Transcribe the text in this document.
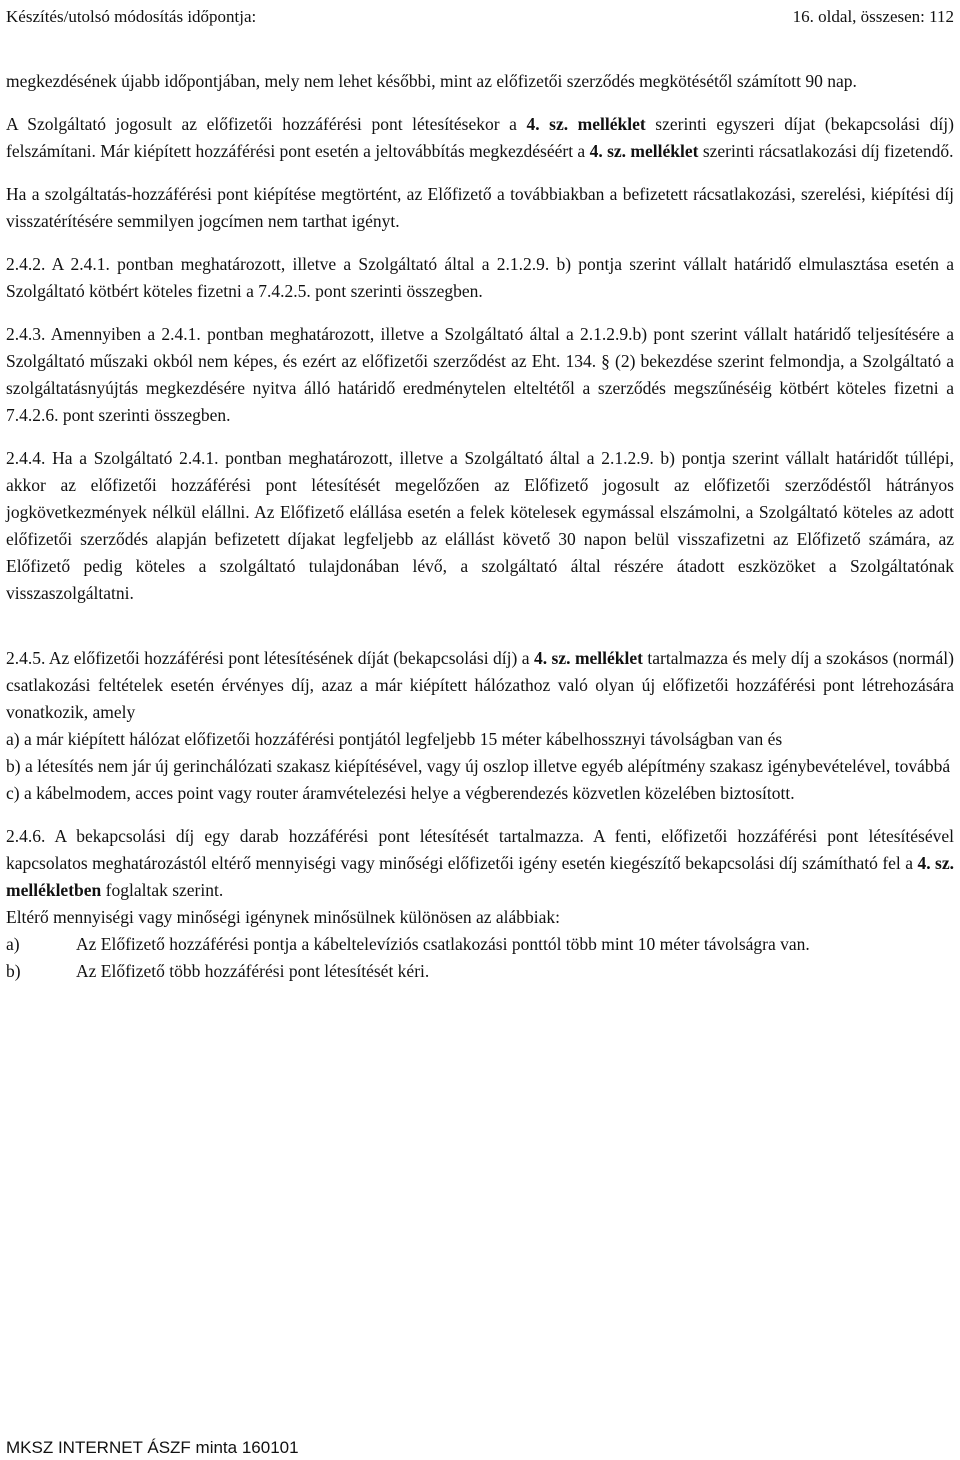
Készítés/utolsó módosítás időpontja:	16. oldal, összesen: 112

megkezdésének újabb időpontjában, mely nem lehet későbbi, mint az előfizetői szerződés megkötésétől számított 90 nap.

A Szolgáltató jogosult az előfizetői hozzáférési pont létesítésekor a 4. sz. melléklet szerinti egyszeri díjat (bekapcsolási díj) felszámítani. Már kiépített hozzáférési pont esetén a jeltovábbítás megkezdéséért a 4. sz. melléklet szerinti rácsatlakozási díj fizetendő.

Ha a szolgáltatás-hozzáférési pont kiépítése megtörtént, az Előfizető a továbbiakban a befizetett rácsatlakozási, szerelési, kiépítési díj visszatérítésére semmilyen jogcímen nem tarthat igényt.

2.4.2. A 2.4.1. pontban meghatározott, illetve a Szolgáltató által a 2.1.2.9. b) pontja szerint vállalt határidő elmulasztása esetén a Szolgáltató kötbért köteles fizetni a 7.4.2.5. pont szerinti összegben.

2.4.3. Amennyiben a 2.4.1. pontban meghatározott, illetve a Szolgáltató által a 2.1.2.9.b) pont szerint vállalt határidő teljesítésére a Szolgáltató műszaki okból nem képes, és ezért az előfizetői szerződést az Eht. 134. § (2) bekezdése szerint felmondja, a Szolgáltató a szolgáltatásnyújtás megkezdésére nyitva álló határidő eredménytelen elteltétől a szerződés megszűnéséig kötbért köteles fizetni a 7.4.2.6. pont szerinti összegben.

2.4.4. Ha a Szolgáltató 2.4.1. pontban meghatározott, illetve a Szolgáltató által a 2.1.2.9. b) pontja szerint vállalt határidőt túllépi, akkor az előfizetői hozzáférési pont létesítését megelőzően az Előfizető jogosult az előfizetői szerződéstől hátrányos jogkövetkezmények nélkül elállni. Az Előfizető elállása esetén a felek kötelesek egymással elszámolni, a Szolgáltató köteles az adott előfizetői szerződés alapján befizetett díjakat legfeljebb az elállást követő 30 napon belül visszafizetni az Előfizető számára, az Előfizető pedig köteles a szolgáltató tulajdonában lévő, a szolgáltató által részére átadott eszközöket a Szolgáltatónak visszaszolgáltatni.

2.4.5. Az előfizetői hozzáférési pont létesítésének díját (bekapcsolási díj) a 4. sz. melléklet tartalmazza és mely díj a szokásos (normál) csatlakozási feltételek esetén érvényes díj, azaz a már kiépített hálózathoz való olyan új előfizetői hozzáférési pont létrehozására vonatkozik, amely

a) a már kiépített hálózat előfizetői hozzáférési pontjától legfeljebb 15 méter kábelhosszнyi távolságban van és

b) a létesítés nem jár új gerinchálózati szakasz kiépítésével, vagy új oszlop illetve egyéb alépítmény szakasz igénybevételével, továbbá

c) a kábelmodem, acces point vagy router áramvételezési helye a végberendezés közvetlen közelében biztosított.

2.4.6. A bekapcsolási díj egy darab hozzáférési pont létesítését tartalmazza. A fenti, előfizetői hozzáférési pont létesítésével kapcsolatos meghatározástól eltérő mennyiségi vagy minőségi előfizetői igény esetén kiegészítő bekapcsolási díj számítható fel a 4. sz. mellékletben foglaltak szerint.

Eltérő mennyiségi vagy minőségi igénynek minősülnek különösen az alábbiak:

a)	Az Előfizető hozzáférési pontja a kábeltelevíziós csatlakozási ponttól több mint 10 méter távolságra van.
b)	Az Előfizető több hozzáférési pont létesítését kéri.
MKSZ INTERNET ÁSZF minta 160101
